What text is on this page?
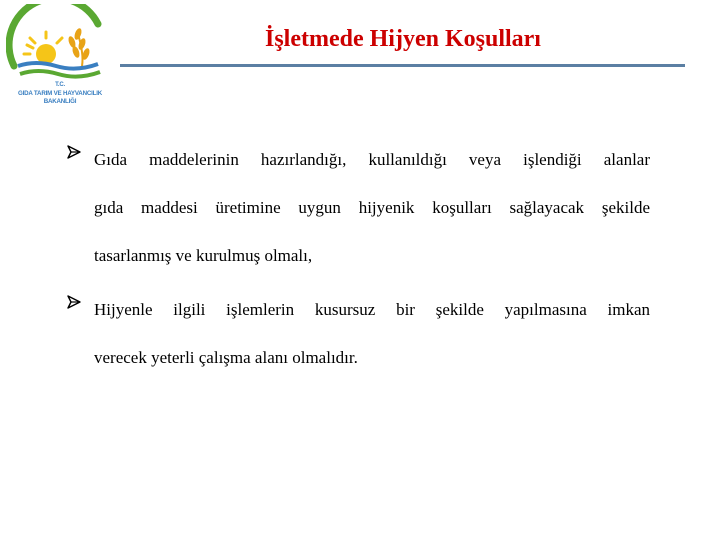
T.C.
GIDA TARIM VE HAYVANCILIK
BAKANLIĞI
İşletmede Hijyen Koşulları
Gıda maddelerinin hazırlandığı, kullanıldığı veya işlendiği alanlar
gıda maddesi üretimine uygun hijyenik koşulları sağlayacak şekilde
tasarlanmış ve kurulmuş olmalı,
Hijyenle ilgili işlemlerin kusursuz bir şekilde yapılmasına imkan
verecek yeterli çalışma alanı olmalıdır.
